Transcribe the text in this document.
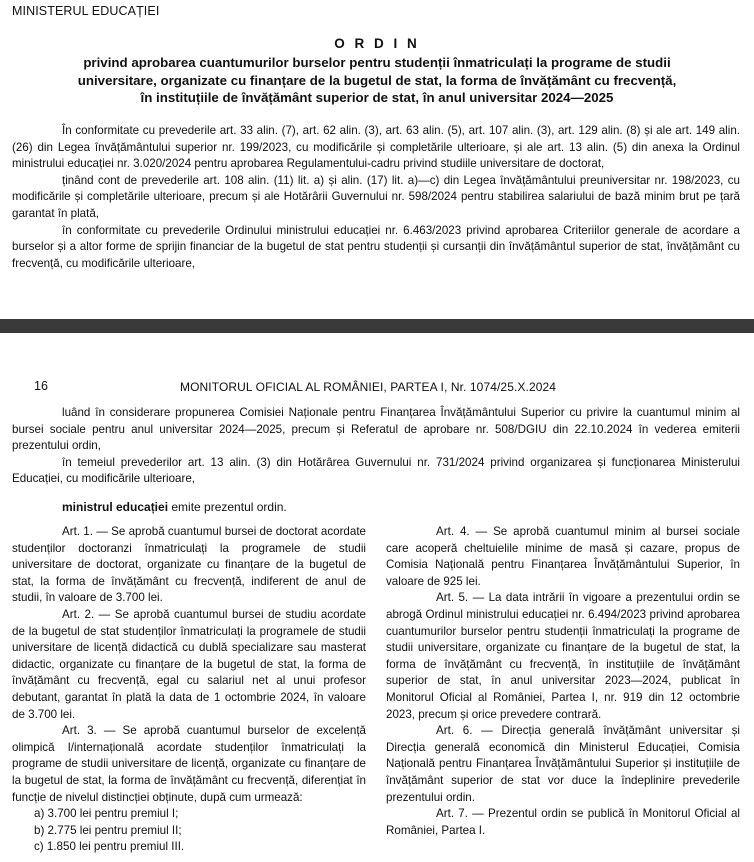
MINISTERUL EDUCAȚIEI
O R D I N
privind aprobarea cuantumurilor burselor pentru studenții înmatriculați la programe de studii
universitare, organizate cu finanțare de la bugetul de stat, la forma de învățământ cu frecvență,
în instituțiile de învățământ superior de stat, în anul universitar 2024—2025

În conformitate cu prevederile art. 33 alin. (7), art. 62 alin. (3), art. 63 alin. (5), art. 107 alin. (3), art. 129 alin. (8) și ale art. 149 alin. (26) din Legea învățământului superior nr. 199/2023, cu modificările și completările ulterioare, și ale art. 13 alin. (5) din anexa la Ordinul ministrului educației nr. 3.020/2024 pentru aprobarea Regulamentului-cadru privind studiile universitare de doctorat,

ținând cont de prevederile art. 108 alin. (11) lit. a) și alin. (17) lit. a)—c) din Legea învățământului preuniversitar nr. 198/2023, cu modificările și completările ulterioare, precum și ale Hotărârii Guvernului nr. 598/2024 pentru stabilirea salariului de bază minim brut pe țară garantat în plată,

în conformitate cu prevederile Ordinului ministrului educației nr. 6.463/2023 privind aprobarea Criteriilor generale de acordare a burselor și a altor forme de sprijin financiar de la bugetul de stat pentru studenții și cursanții din învățământul superior de stat, învățământ cu frecvență, cu modificările ulterioare,

16	MONITORUL OFICIAL AL ROMÂNIEI, PARTEA I, Nr. 1074/25.X.2024

luând în considerare propunerea Comisiei Naționale pentru Finanțarea Învățământului Superior cu privire la cuantumul minim al bursei sociale pentru anul universitar 2024—2025, precum și Referatul de aprobare nr. 508/DGIU din 22.10.2024 în vederea emiterii prezentului ordin,

în temeiul prevederilor art. 13 alin. (3) din Hotărârea Guvernului nr. 731/2024 privind organizarea și funcționarea Ministerului Educației, cu modificările ulterioare,

ministrul educației emite prezentul ordin.

Art. 1. — Se aprobă cuantumul bursei de doctorat acordate studenților doctoranzi înmatriculați la programele de studii universitare de doctorat, organizate cu finanțare de la bugetul de stat, la forma de învățământ cu frecvență, indiferent de anul de studii, în valoare de 3.700 lei.

Art. 2. — Se aprobă cuantumul bursei de studiu acordate de la bugetul de stat studenților înmatriculați la programele de studii universitare de licență didactică cu dublă specializare sau masterat didactic, organizate cu finanțare de la bugetul de stat, la forma de învățământ cu frecvență, egal cu salariul net al unui profesor debutant, garantat în plată la data de 1 octombrie 2024, în valoare de 3.700 lei.

Art. 3. — Se aprobă cuantumul burselor de excelență olimpică I/internațională acordate studenților înmatriculați la programe de studii universitare de licență, organizate cu finanțare de la bugetul de stat, la forma de învățământ cu frecvență, diferențiat în funcție de nivelul distincției obținute, după cum urmează:

a) 3.700 lei pentru premiul I;

b) 2.775 lei pentru premiul II;

c) 1.850 lei pentru premiul III.

Art. 4. — Se aprobă cuantumul minim al bursei sociale care acoperă cheltuielile minime de masă și cazare, propus de Comisia Națională pentru Finanțarea Învățământului Superior, în valoare de 925 lei.

Art. 5. — La data intrării în vigoare a prezentului ordin se abrogă Ordinul ministrului educației nr. 6.494/2023 privind aprobarea cuantumurilor burselor pentru studenții înmatriculați la programe de studii universitare, organizate cu finanțare de la bugetul de stat, la forma de învățământ cu frecvență, în instituțiile de învățământ superior de stat, în anul universitar 2023—2024, publicat în Monitorul Oficial al României, Partea I, nr. 919 din 12 octombrie 2023, precum și orice prevedere contrară.

Art. 6. — Direcția generală învățământ universitar și Direcția generală economică din Ministerul Educației, Comisia Națională pentru Finanțarea Învățământului Superior și instituțiile de învățământ superior de stat vor duce la îndeplinire prevederile prezentului ordin.

Art. 7. — Prezentul ordin se publică în Monitorul Oficial al României, Partea I.
